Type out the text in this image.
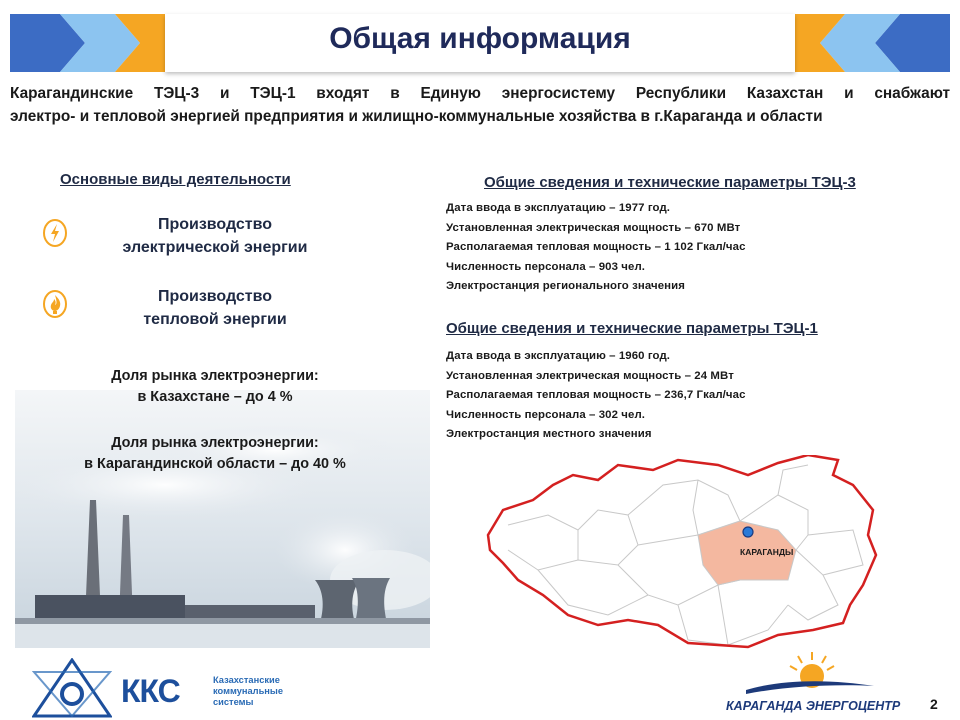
Общая информация
Карагандинские ТЭЦ-3 и ТЭЦ-1 входят в Единую энергосистему Республики Казахстан и снабжают
электро- и тепловой энергией предприятия и жилищно-коммунальные хозяйства в г.Караганда и области
Основные виды деятельности
Производство
электрической энергии
Производство
тепловой энергии
Доля рынка электроэнергии:
в Казахстане – до 4 %
Доля рынка электроэнергии:
в Карагандинской области – до 40 %
Общие сведения и технические параметры ТЭЦ-3
Дата ввода в эксплуатацию – 1977 год.
Установленная электрическая мощность – 670 МВт
Располагаемая тепловая мощность – 1 102 Гкал/час
Численность персонала – 903 чел.
Электростанция регионального значения
Общие сведения и технические параметры ТЭЦ-1
Дата ввода в эксплуатацию – 1960 год.
Установленная электрическая мощность – 24 МВт
Располагаемая тепловая мощность – 236,7 Гкал/час
Численность персонала – 302 чел.
Электростанция местного значения
КАРАГАНДЫ
ККС	Казахстанские
коммунальные
системы	КАРАГАНДА ЭНЕРГОЦЕНТР 2
